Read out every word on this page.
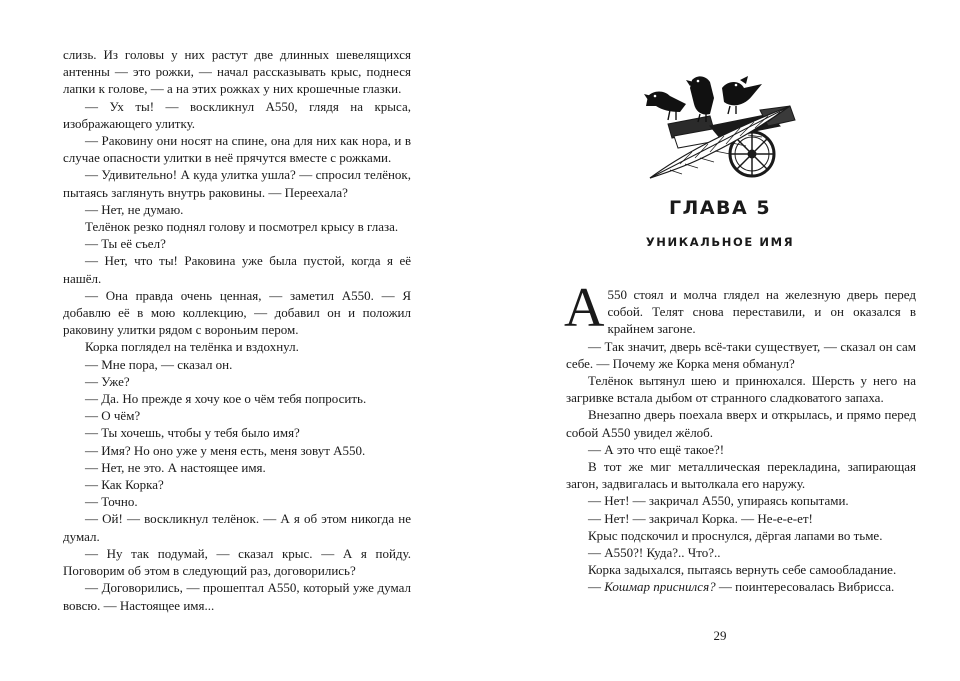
слизь. Из головы у них растут две длинных шевелящихся антенны — это рожки, — начал рассказывать крыс, поднеся лапки к голове, — а на этих рожках у них крошечные глазки.

— Ух ты! — воскликнул А550, глядя на крыса, изображающего улитку.

— Раковину они носят на спине, она для них как нора, и в случае опасности улитки в неё прячутся вместе с рожками.

— Удивительно! А куда улитка ушла? — спросил телёнок, пытаясь заглянуть внутрь раковины. — Переехала?

— Нет, не думаю.

Телёнок резко поднял голову и посмотрел крысу в глаза.

— Ты её съел?

— Нет, что ты! Раковина уже была пустой, когда я её нашёл.

— Она правда очень ценная, — заметил А550. — Я добавлю её в мою коллекцию, — добавил он и положил раковину улитки рядом с вороньим пером.

Корка поглядел на телёнка и вздохнул.

— Мне пора, — сказал он.

— Уже?

— Да. Но прежде я хочу кое о чём тебя попросить.

— О чём?

— Ты хочешь, чтобы у тебя было имя?

— Имя? Но оно уже у меня есть, меня зовут А550.

— Нет, не это. А настоящее имя.

— Как Корка?

— Точно.

— Ой! — воскликнул телёнок. — А я об этом никогда не думал.

— Ну так подумай, — сказал крыс. — А я пойду. Поговорим об этом в следующий раз, договорились?

— Договорились, — прошептал А550, который уже думал вовсю. — Настоящее имя...

ГЛАВА 5
УНИКАЛЬНОЕ ИМЯ

А 550 стоял и молча глядел на железную дверь перед собой. Телят снова переставили, и он оказался в крайнем загоне.

— Так значит, дверь всё-таки существует, — сказал он сам себе. — Почему же Корка меня обманул?

Телёнок вытянул шею и принюхался. Шерсть у него на загривке встала дыбом от странного сладковатого запаха.

Внезапно дверь поехала вверх и открылась, и прямо перед собой А550 увидел жёлоб.

— А это что ещё такое?!

В тот же миг металлическая перекладина, запирающая загон, задвигалась и вытолкала его наружу.

— Нет! — закричал А550, упираясь копытами.

— Нет! — закричал Корка. — Не-е-е-ет!

Крыс подскочил и проснулся, дёргая лапами во тьме.

— А550?! Куда?.. Что?..

Корка задыхался, пытаясь вернуть себе самообладание.

— Кошмар приснился? — поинтересовалась Вибрисса.

29
